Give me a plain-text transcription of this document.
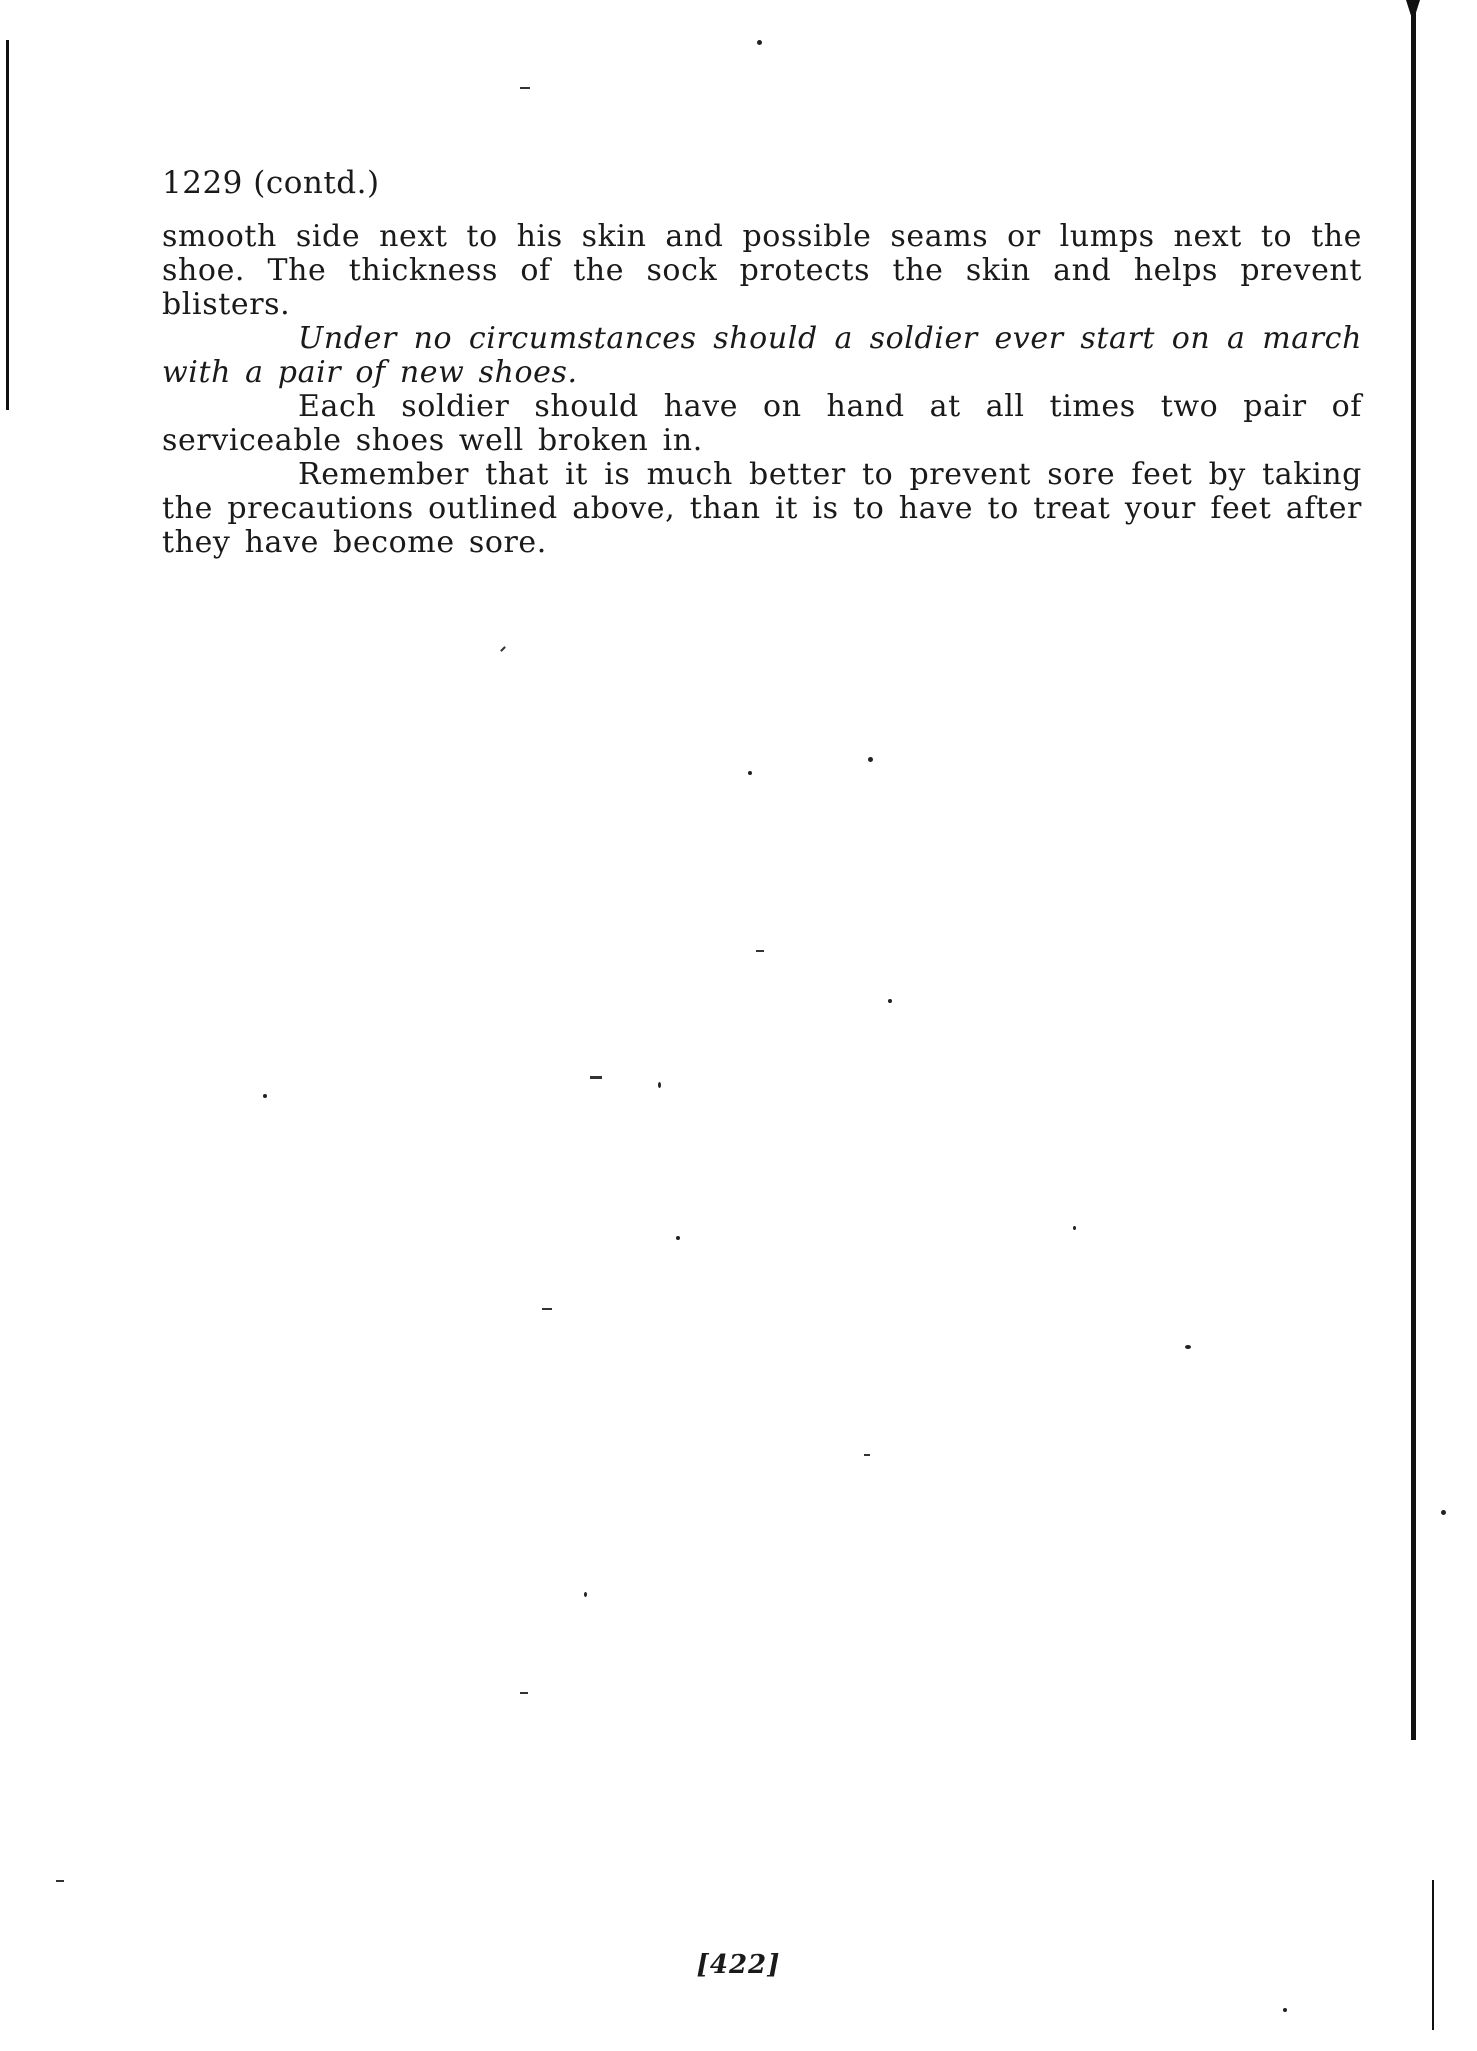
1229 (contd.)

smooth side next to his skin and possible seams or lumps next to the shoe. The thickness of the sock protects the skin and helps prevent blisters.

Under no circumstances should a soldier ever start on a march with a pair of new shoes.

Each soldier should have on hand at all times two pair of serviceable shoes well broken in.

Remember that it is much better to prevent sore feet by taking the precautions outlined above, than it is to have to treat your feet after they have become sore.

[422]
